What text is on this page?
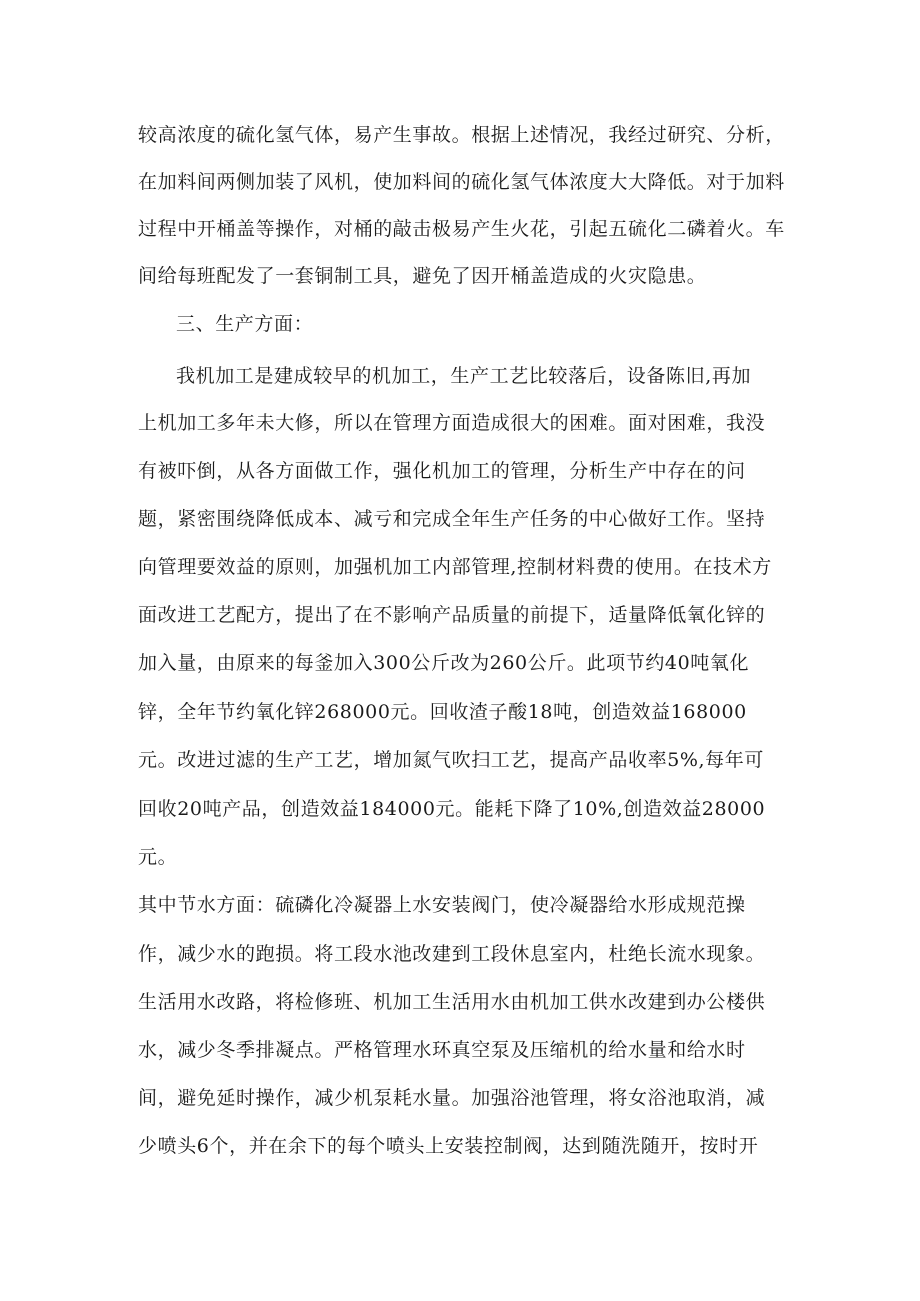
较高浓度的硫化氢气体，易产生事故。根据上述情况，我经过研究、分析，
在加料间两侧加装了风机，使加料间的硫化氢气体浓度大大降低。对于加料
过程中开桶盖等操作，对桶的敲击极易产生火花，引起五硫化二磷着火。车
间给每班配发了一套铜制工具，避免了因开桶盖造成的火灾隐患。
三、生产方面：
我机加工是建成较早的机加工，生产工艺比较落后，设备陈旧,再加
上机加工多年未大修，所以在管理方面造成很大的困难。面对困难，我没
有被吓倒，从各方面做工作，强化机加工的管理，分析生产中存在的问
题，紧密围绕降低成本、减亏和完成全年生产任务的中心做好工作。坚持
向管理要效益的原则，加强机加工内部管理,控制材料费的使用。在技术方
面改进工艺配方，提出了在不影响产品质量的前提下，适量降低氧化锌的
加入量，由原来的每釜加入300公斤改为260公斤。此项节约40吨氧化
锌，全年节约氧化锌268000元。回收渣子酸18吨，创造效益168000
元。改进过滤的生产工艺，增加氮气吹扫工艺，提高产品收率5%,每年可
回收20吨产品，创造效益184000元。能耗下降了10%,创造效益28000
元。
其中节水方面：硫磷化冷凝器上水安装阀门，使冷凝器给水形成规范操
作，减少水的跑损。将工段水池改建到工段休息室内，杜绝长流水现象。
生活用水改路，将检修班、机加工生活用水由机加工供水改建到办公楼供
水，减少冬季排凝点。严格管理水环真空泵及压缩机的给水量和给水时
间，避免延时操作，减少机泵耗水量。加强浴池管理，将女浴池取消，减
少喷头6个，并在余下的每个喷头上安装控制阀，达到随洗随开，按时开
